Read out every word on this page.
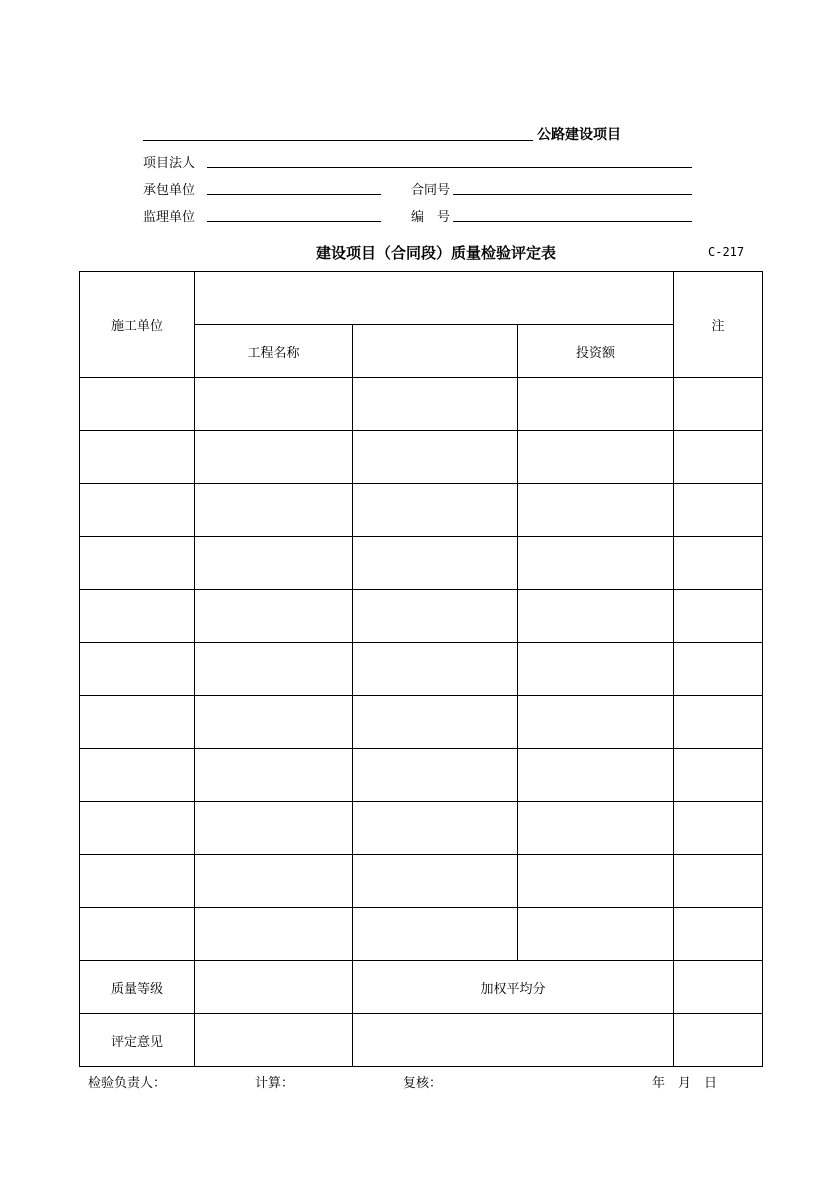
公路建设项目
项目法人
承包单位	合同号
监理单位	编　号
建设项目（合同段）质量检验评定表	C-217
施工单位				注
	工程名称		投资额	

质量等级		加权平均分		
评定意见				
检验负责人：	计算：	复核：	年　月　日
